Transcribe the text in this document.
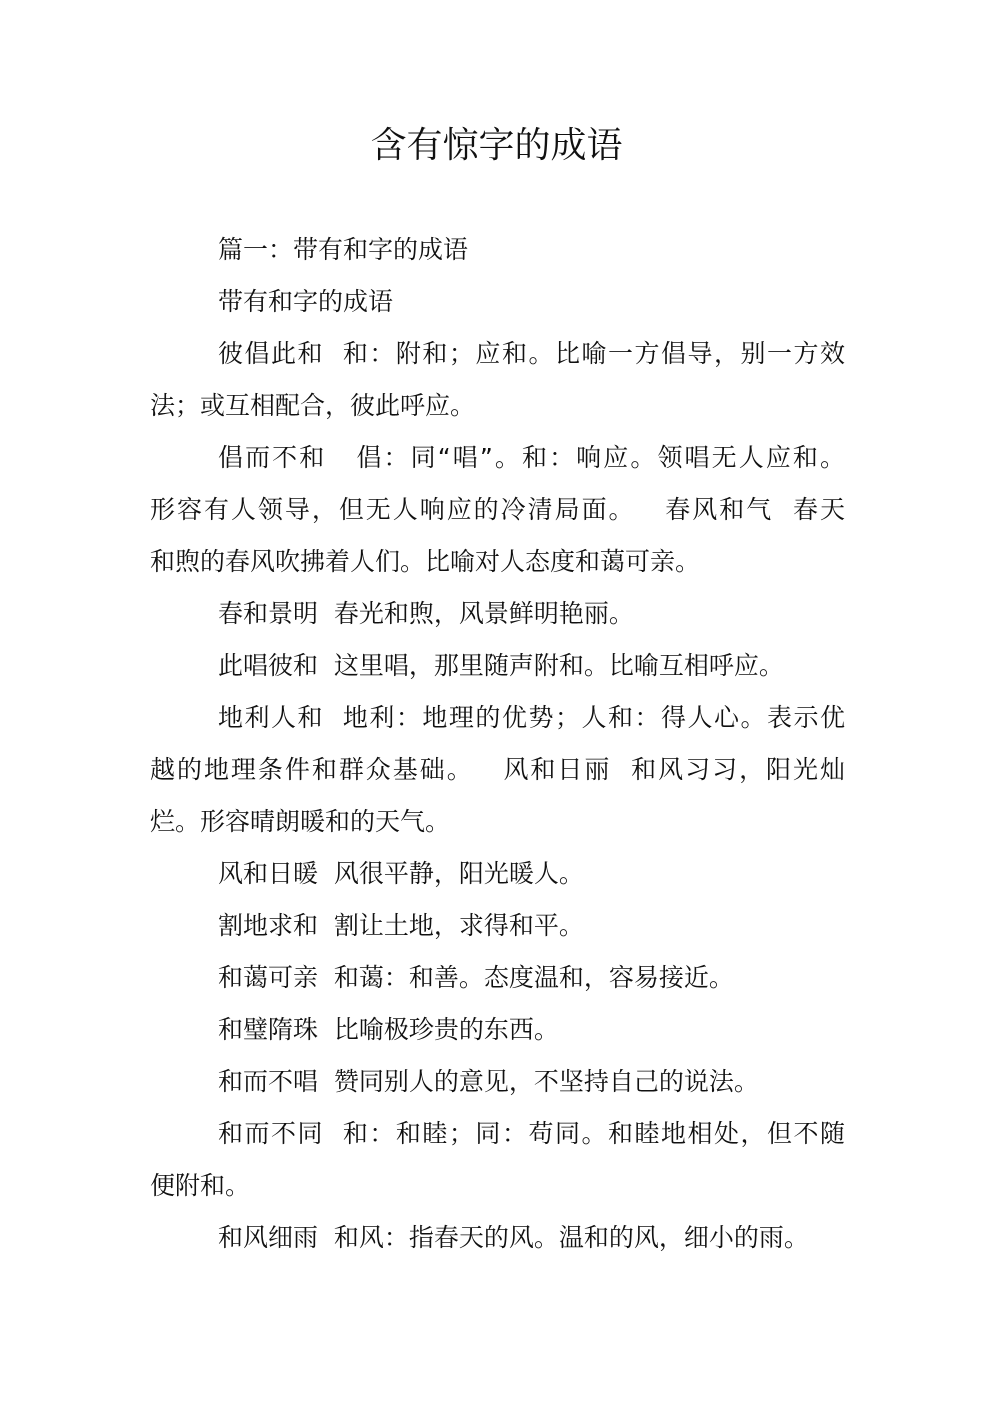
含有惊字的成语
篇一：带有和字的成语
带有和字的成语
彼倡此和  和：附和；应和。比喻一方倡导，别一方效
法；或互相配合，彼此呼应。
倡而不和   倡：同“唱”。和：响应。领唱无人应和。
形容有人领导，但无人响应的冷清局面。   春风和气  春天
和煦的春风吹拂着人们。比喻对人态度和蔼可亲。
春和景明  春光和煦，风景鲜明艳丽。
此唱彼和  这里唱，那里随声附和。比喻互相呼应。
地利人和  地利：地理的优势；人和：得人心。表示优
越的地理条件和群众基础。   风和日丽  和风习习，阳光灿
烂。形容晴朗暖和的天气。
风和日暖  风很平静，阳光暖人。
割地求和  割让土地，求得和平。
和蔼可亲  和蔼：和善。态度温和，容易接近。
和璧隋珠  比喻极珍贵的东西。
和而不唱  赞同别人的意见，不坚持自己的说法。
和而不同  和：和睦；同：苟同。和睦地相处，但不随
便附和。
和风细雨  和风：指春天的风。温和的风，细小的雨。
